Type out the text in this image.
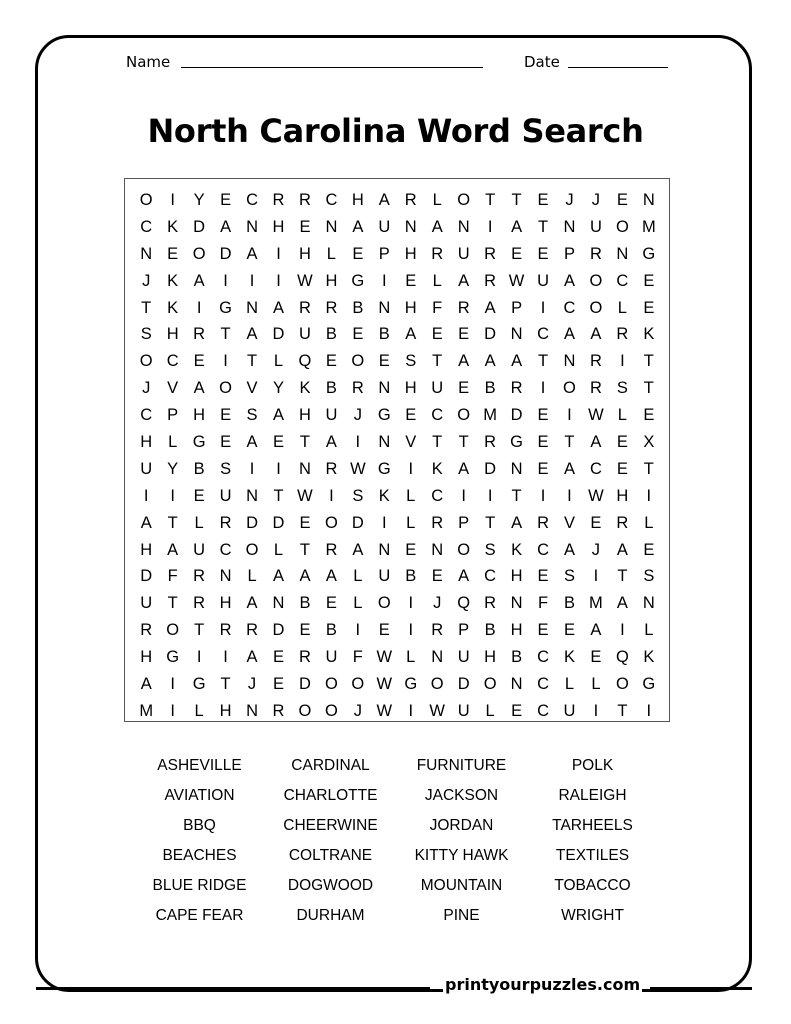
Name	Date
North Carolina Word Search
O	I	Y E C R R C H A R L O T T E	J	J	E N
C K D A N H E N A U N A N	I	A T N U O M
N E O D A	I	H L E P H R U R E E P R N G
J	K A	I	I	I W H G	I	E L A R W U A O C E
T K	I	G N A R R B N H F R A P	I	C O L E
S H R T A D U B E B A E E D N C A A R K
O C E	I	T	L Q E O E S T A A A T N R	I	T
J	V A O V Y K B R N H U E B R	I	O R S T
C P H E S A H U J G E C O M D E	I W L E
H L G E A E T A	I	N V T T R G E T A E X
U Y B S	I	I	N R W G	I	K A D N E A C E T
I	I	E U N T W I	S K L C	I	I	T	I	I W H	I
A T	L R D D E O D	I	L R P T A R V E R L
H A U C O L	T R A N E N O S K C A	J	A E
D F R N L A A A L U B E A C H E S	I	T S
U T R H A N B E L O	I	J Q R N F B M A N
R O T R R D E B	I	E	I	R P B H E E A	I	L
H G	I	I	A E R U F W L N U H B C K E Q K
A	I	G T	J	E D O O W G O D O N C L	L O G
M	I	L H N R O O J W I W U L E C U	I	T	I
ASHEVILLE	CARDINAL	FURNITURE	POLK
AVIATION	CHARLOTTE	JACKSON	RALEIGH
BBQ	CHEERWINE	JORDAN	TARHEELS
BEACHES	COLTRANE	KITTY HAWK	TEXTILES
BLUE RIDGE	DOGWOOD	MOUNTAIN	TOBACCO
CAPE FEAR	DURHAM	PINE	WRIGHT
printyourpuzzles.com
